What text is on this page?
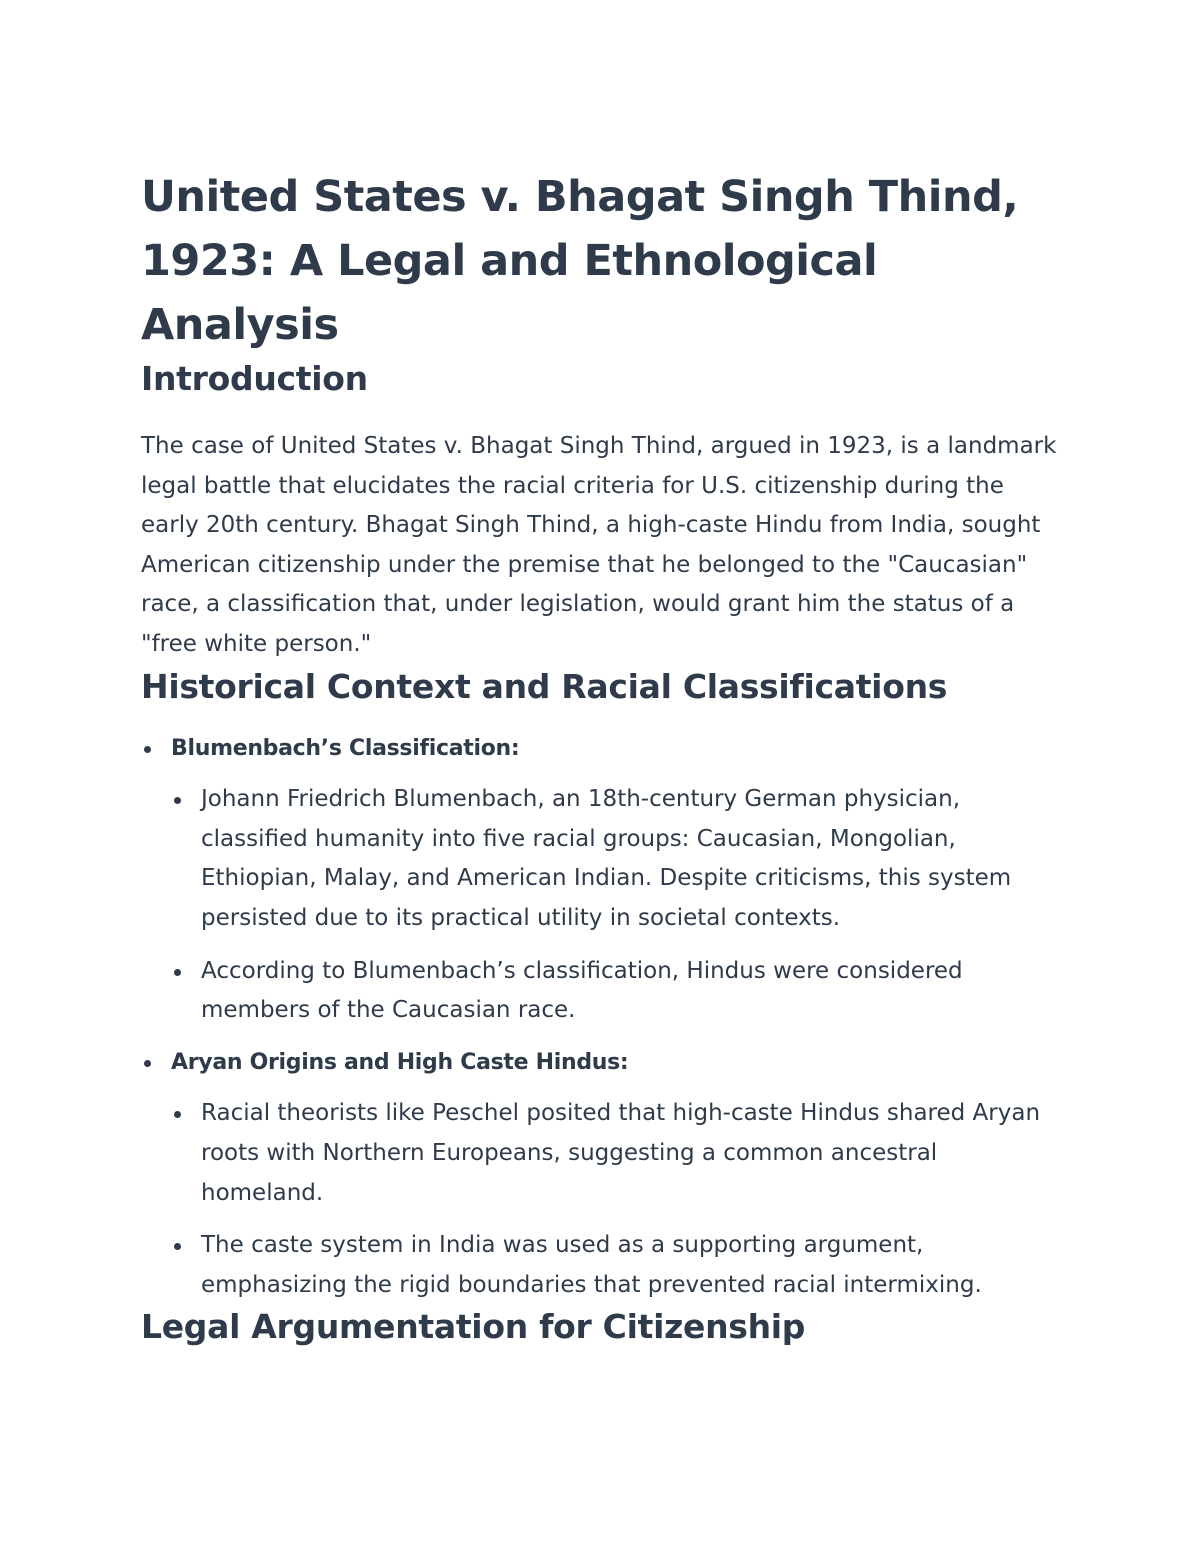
United States v. Bhagat Singh Thind, 1923: A Legal and Ethnological Analysis
Introduction

The case of United States v. Bhagat Singh Thind, argued in 1923, is a landmark legal battle that elucidates the racial criteria for U.S. citizenship during the early 20th century. Bhagat Singh Thind, a high-caste Hindu from India, sought American citizenship under the premise that he belonged to the "Caucasian" race, a classification that, under legislation, would grant him the status of a "free white person."

Historical Context and Racial Classifications
Blumenbach’s Classification:
Johann Friedrich Blumenbach, an 18th-century German physician, classified humanity into five racial groups: Caucasian, Mongolian, Ethiopian, Malay, and American Indian. Despite criticisms, this system persisted due to its practical utility in societal contexts.
According to Blumenbach’s classification, Hindus were considered members of the Caucasian race.
Aryan Origins and High Caste Hindus:
Racial theorists like Peschel posited that high-caste Hindus shared Aryan roots with Northern Europeans, suggesting a common ancestral homeland.
The caste system in India was used as a supporting argument, emphasizing the rigid boundaries that prevented racial intermixing.
Legal Argumentation for Citizenship
